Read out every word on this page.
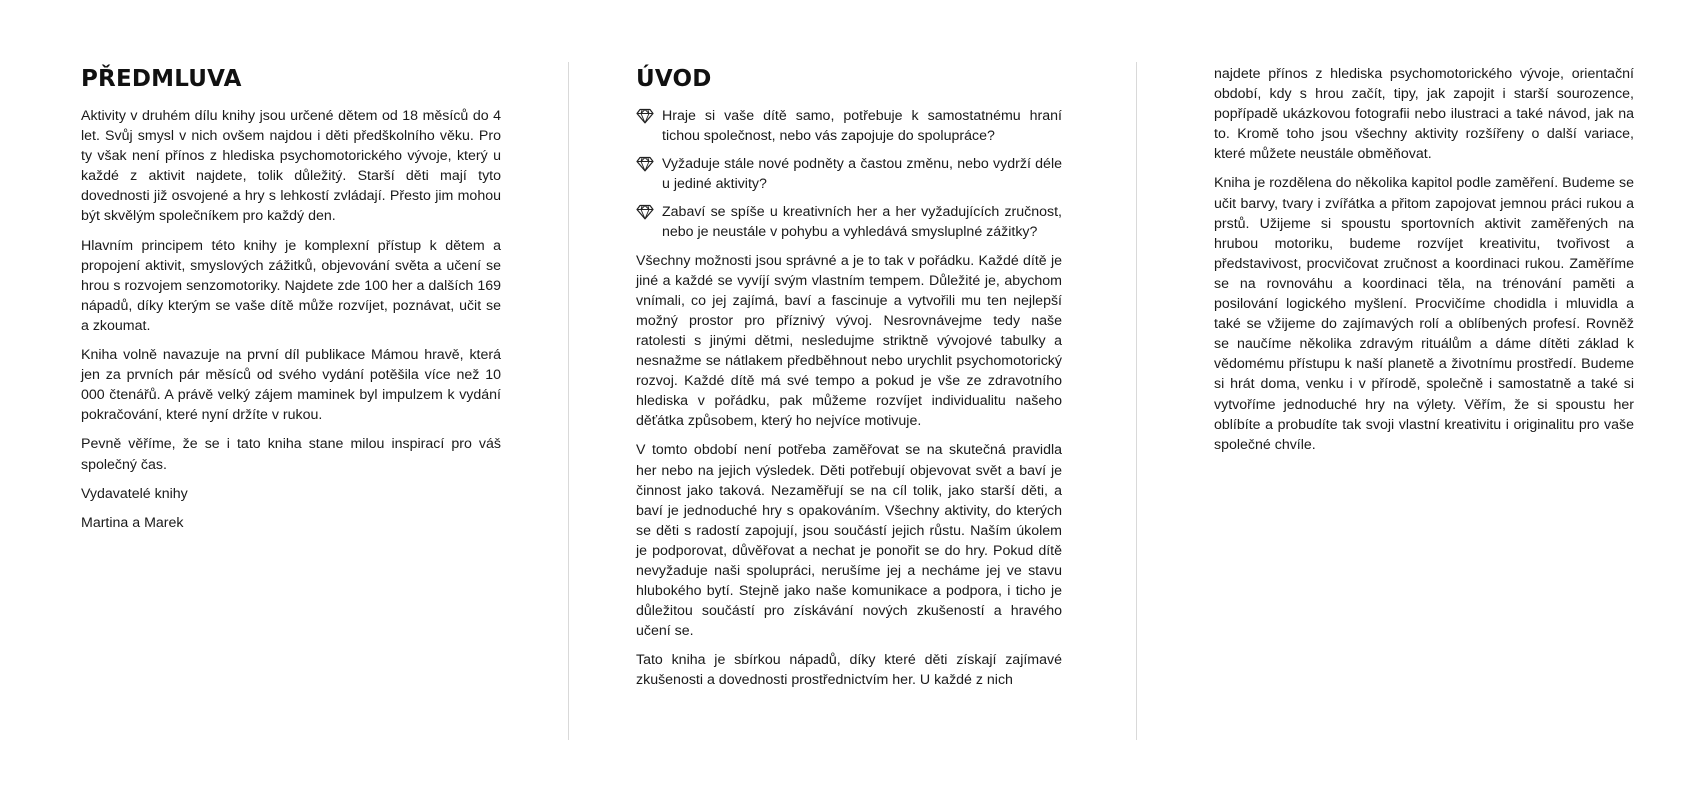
PŘEDMLUVA

Aktivity v druhém dílu knihy jsou určené dětem od 18 měsíců do 4 let. Svůj smysl v nich ovšem najdou i děti předškolního věku. Pro ty však není přínos z hlediska psychomotorického vývoje, který u každé z aktivit najdete, tolik důležitý. Starší děti mají tyto dovednosti již osvojené a hry s lehkostí zvládají. Přesto jim mohou být skvělým společníkem pro každý den.

Hlavním principem této knihy je komplexní přístup k dětem a propojení aktivit, smyslových zážitků, objevování světa a učení se hrou s rozvojem senzomotoriky. Najdete zde 100 her a dalších 169 nápadů, díky kterým se vaše dítě může rozvíjet, poznávat, učit se a zkoumat.

Kniha volně navazuje na první díl publikace Mámou hravě, která jen za prvních pár měsíců od svého vydání potěšila více než 10 000 čtenářů. A právě velký zájem maminek byl impulzem k vydání pokračování, které nyní držíte v rukou.

Pevně věříme, že se i tato kniha stane milou inspirací pro váš společný čas.

Vydavatelé knihy

Martina a Marek

ÚVOD
Hraje si vaše dítě samo, potřebuje k samostatnému hraní tichou společnost, nebo vás zapojuje do spolupráce?
Vyžaduje stále nové podněty a častou změnu, nebo vydrží déle u jediné aktivity?
Zabaví se spíše u kreativních her a her vyžadujících zručnost, nebo je neustále v pohybu a vyhledává smysluplné zážitky?

Všechny možnosti jsou správné a je to tak v pořádku. Každé dítě je jiné a každé se vyvíjí svým vlastním tempem. Důležité je, abychom vnímali, co jej zajímá, baví a fascinuje a vytvořili mu ten nejlepší možný prostor pro příznivý vývoj. Nesrovnávejme tedy naše ratolesti s jinými dětmi, nesledujme striktně vývojové tabulky a nesnažme se nátlakem předběhnout nebo urychlit psychomotorický rozvoj. Každé dítě má své tempo a pokud je vše ze zdravotního hlediska v pořádku, pak můžeme rozvíjet individualitu našeho děťátka způsobem, který ho nejvíce motivuje.

V tomto období není potřeba zaměřovat se na skutečná pravidla her nebo na jejich výsledek. Děti potřebují objevovat svět a baví je činnost jako taková. Nezaměřují se na cíl tolik, jako starší děti, a baví je jednoduché hry s opakováním. Všechny aktivity, do kterých se děti s radostí zapojují, jsou součástí jejich růstu. Naším úkolem je podporovat, důvěřovat a nechat je ponořit se do hry. Pokud dítě nevyžaduje naši spolupráci, nerušíme jej a necháme jej ve stavu hlubokého bytí. Stejně jako naše komunikace a podpora, i ticho je důležitou součástí pro získávání nových zkušeností a hravého učení se.

Tato kniha je sbírkou nápadů, díky které děti získají zajímavé zkušenosti a dovednosti prostřednictvím her. U každé z nich

najdete přínos z hlediska psychomotorického vývoje, orientační období, kdy s hrou začít, tipy, jak zapojit i starší sourozence, popřípadě ukázkovou fotografii nebo ilustraci a také návod, jak na to. Kromě toho jsou všechny aktivity rozšířeny o další variace, které můžete neustále obměňovat.

Kniha je rozdělena do několika kapitol podle zaměření. Budeme se učit barvy, tvary i zvířátka a přitom zapojovat jemnou práci rukou a prstů. Užijeme si spoustu sportovních aktivit zaměřených na hrubou motoriku, budeme rozvíjet kreativitu, tvořivost a představivost, procvičovat zručnost a koordinaci rukou. Zaměříme se na rovnováhu a koordinaci těla, na trénování paměti a posilování logického myšlení. Procvičíme chodidla i mluvidla a také se vžijeme do zajímavých rolí a oblíbených profesí. Rovněž se naučíme několika zdravým rituálům a dáme dítěti základ k vědomému přístupu k naší planetě a životnímu prostředí. Budeme si hrát doma, venku i v přírodě, společně i samostatně a také si vytvoříme jednoduché hry na výlety. Věřím, že si spoustu her oblíbíte a probudíte tak svoji vlastní kreativitu i originalitu pro vaše společné chvíle.
